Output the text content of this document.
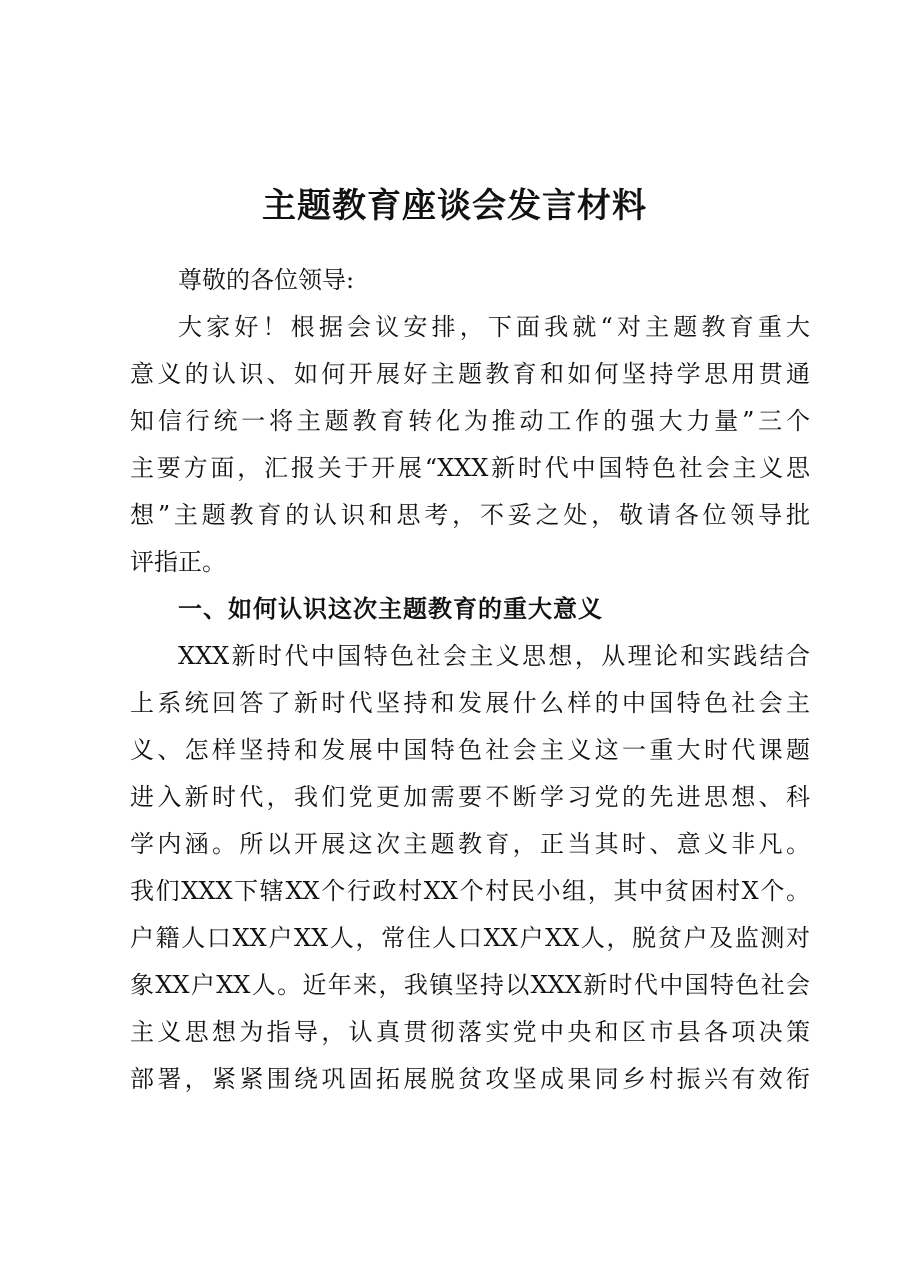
主题教育座谈会发言材料
尊敬的各位领导:
大家好！根据会议安排，下面我就“对主题教育重大
意义的认识、如何开展好主题教育和如何坚持学思用贯通
知信行统一将主题教育转化为推动工作的强大力量”三个
主要方面，汇报关于开展“XXX新时代中国特色社会主义思
想”主题教育的认识和思考，不妥之处，敬请各位领导批
评指正。
一、如何认识这次主题教育的重大意义
XXX新时代中国特色社会主义思想，从理论和实践结合
上系统回答了新时代坚持和发展什么样的中国特色社会主
义、怎样坚持和发展中国特色社会主义这一重大时代课题
进入新时代，我们党更加需要不断学习党的先进思想、科
学内涵。所以开展这次主题教育，正当其时、意义非凡。
我们XXX下辖XX个行政村XX个村民小组，其中贫困村X个。
户籍人口XX户XX人，常住人口XX户XX人，脱贫户及监测对
象XX户XX人。近年来，我镇坚持以XXX新时代中国特色社会
主义思想为指导，认真贯彻落实党中央和区市县各项决策
部署，紧紧围绕巩固拓展脱贫攻坚成果同乡村振兴有效衔
